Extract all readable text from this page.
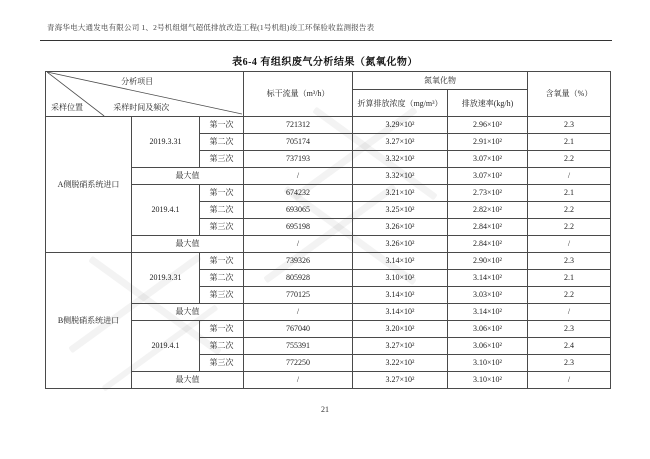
青海华电大通发电有限公司 1、2号机组烟气超低排放改造工程(1号机组)竣工环保验收监测报告表
表6-4 有组织废气分析结果（氮氧化物）
分析项目
采样位置 采样时间及频次			标干流量（m³/h）	氮氧化物		含氧量（%）
				折算排放浓度（mg/m³）	排放速率(kg/h)	
A侧脱硝系统进口	2019.3.31	第一次	721312	3.29×10²	2.96×10²	2.3
		第二次	705174	3.27×10²	2.91×10²	2.1
		第三次	737193	3.32×10²	3.07×10²	2.2
	最大值		/	3.32×10²	3.07×10²	/
	2019.4.1	第一次	674232	3.21×10²	2.73×10²	2.1
		第二次	693065	3.25×10²	2.82×10²	2.2
		第三次	695198	3.26×10²	2.84×10²	2.2
	最大值		/	3.26×10²	2.84×10²	/
B侧脱硝系统进口	2019.3.31	第一次	739326	3.14×10²	2.90×10²	2.3
		第二次	805928	3.10×10²	3.14×10²	2.1
		第三次	770125	3.14×10²	3.03×10²	2.2
	最大值		/	3.14×10²	3.14×10²	/
	2019.4.1	第一次	767040	3.20×10²	3.06×10²	2.3
		第二次	755391	3.27×10²	3.06×10²	2.4
		第三次	772250	3.22×10²	3.10×10²	2.3
	最大值		/	3.27×10²	3.10×10²	/
21
